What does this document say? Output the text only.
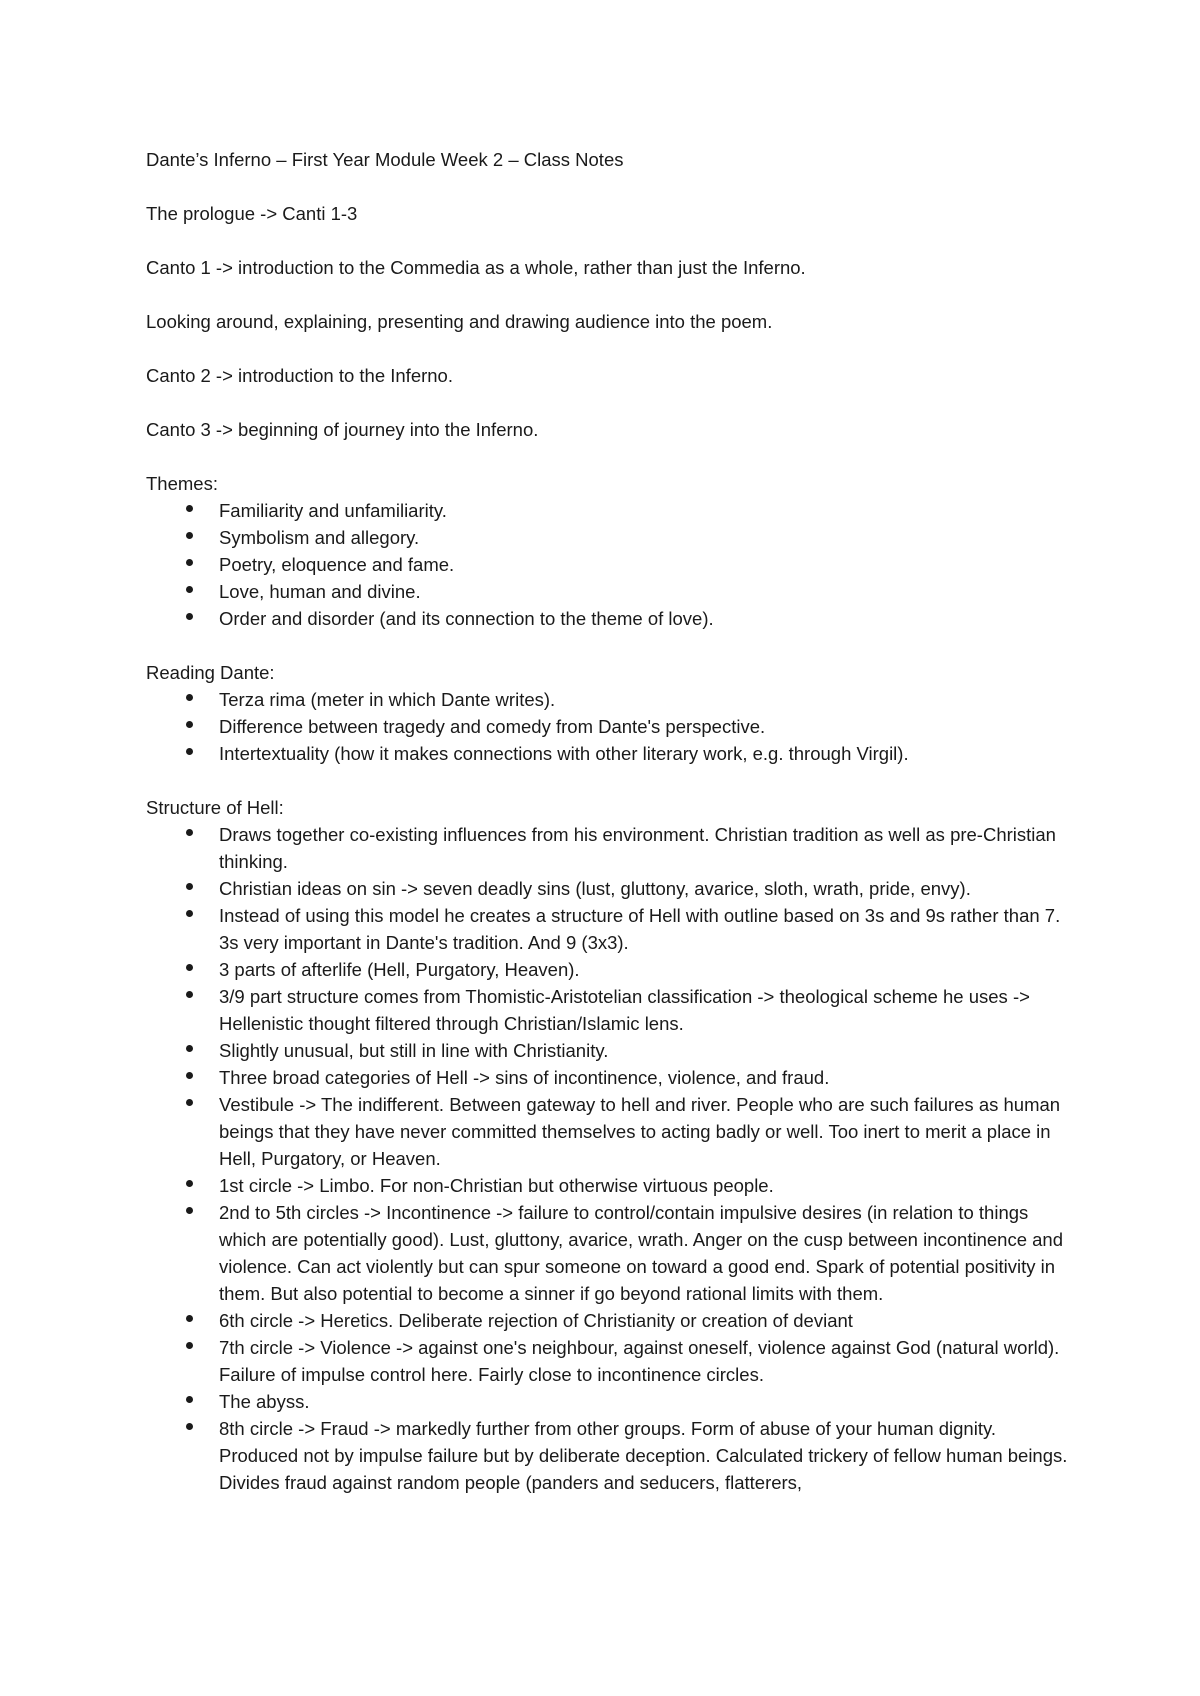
Dante’s Inferno – First Year Module Week 2 – Class Notes

The prologue -> Canti 1-3

Canto 1 -> introduction to the Commedia as a whole, rather than just the Inferno.

Looking around, explaining, presenting and drawing audience into the poem.

Canto 2 -> introduction to the Inferno.

Canto 3 -> beginning of journey into the Inferno.

Themes:

Familiarity and unfamiliarity.
Symbolism and allegory.
Poetry, eloquence and fame.
Love, human and divine.
Order and disorder (and its connection to the theme of love).

Reading Dante:

Terza rima (meter in which Dante writes).
Difference between tragedy and comedy from Dante's perspective.
Intertextuality (how it makes connections with other literary work, e.g. through Virgil).

Structure of Hell:

Draws together co-existing influences from his environment. Christian tradition as well as pre-Christian thinking.
Christian ideas on sin -> seven deadly sins (lust, gluttony, avarice, sloth, wrath, pride, envy).
Instead of using this model he creates a structure of Hell with outline based on 3s and 9s rather than 7. 3s very important in Dante's tradition. And 9 (3x3).
3 parts of afterlife (Hell, Purgatory, Heaven).
3/9 part structure comes from Thomistic-Aristotelian classification -> theological scheme he uses -> Hellenistic thought filtered through Christian/Islamic lens.
Slightly unusual, but still in line with Christianity.
Three broad categories of Hell -> sins of incontinence, violence, and fraud.
Vestibule -> The indifferent. Between gateway to hell and river. People who are such failures as human beings that they have never committed themselves to acting badly or well. Too inert to merit a place in Hell, Purgatory, or Heaven.
1st circle -> Limbo. For non-Christian but otherwise virtuous people.
2nd to 5th circles -> Incontinence -> failure to control/contain impulsive desires (in relation to things which are potentially good). Lust, gluttony, avarice, wrath. Anger on the cusp between incontinence and violence. Can act violently but can spur someone on toward a good end. Spark of potential positivity in them. But also potential to become a sinner if go beyond rational limits with them.
6th circle -> Heretics. Deliberate rejection of Christianity or creation of deviant
7th circle -> Violence -> against one's neighbour, against oneself, violence against God (natural world). Failure of impulse control here. Fairly close to incontinence circles.
The abyss.
8th circle -> Fraud -> markedly further from other groups. Form of abuse of your human dignity. Produced not by impulse failure but by deliberate deception. Calculated trickery of fellow human beings. Divides fraud against random people (panders and seducers, flatterers,
